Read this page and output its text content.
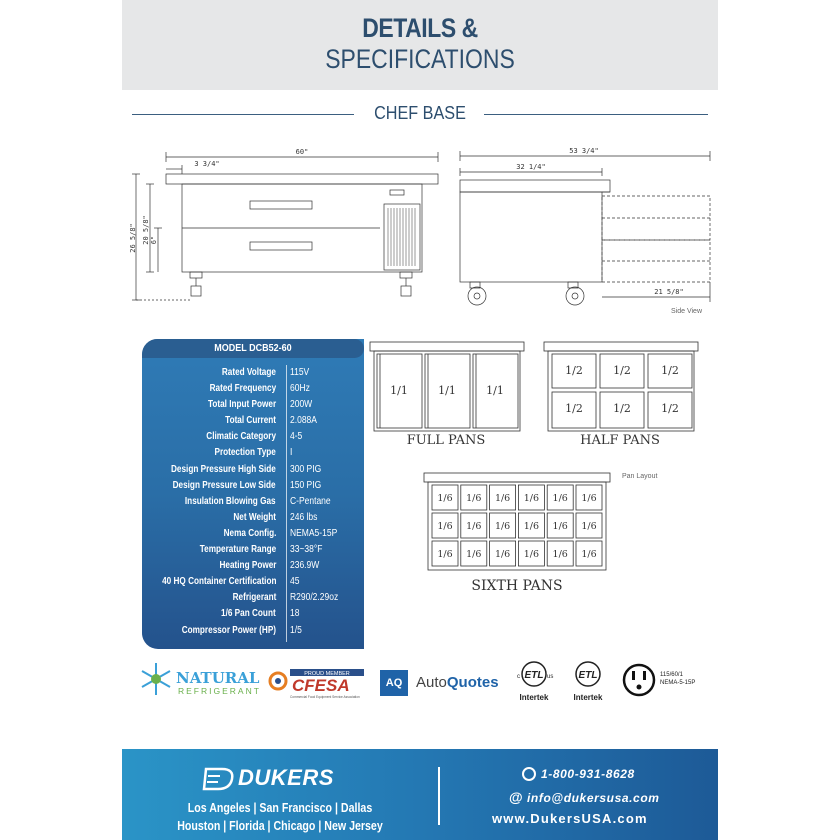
DETAILS &
SPECIFICATIONS
CHEF BASE
60"
3 3/4"
26 5/8" 20 5/8" 6"
53 3/4"
32 1/4"
21 5/8"
Side View
MODEL DCB52-60
Rated Voltage 115V
Rated Frequency 60Hz
Total Input Power 200W
Total Current 2.088A
Climatic Category 4-5
Protection Type I
Design Pressure High Side 300 PIG
Design Pressure Low Side 150 PIG
Insulation Blowing Gas C-Pentane
Net Weight 246 lbs
Nema Config. NEMA5-15P
Temperature Range 33~38°F
Heating Power 236.9W
40 HQ Container Certification 45
Refrigerant R290/2.29oz
1/6 Pan Count 18
Compressor Power (HP) 1/5
1/1	1/1	1/1
FULL PANS
1/2	1/2	1/2
1/2	1/2	1/2
HALF PANS
1/6 1/6 1/6 1/6 1/6 1/6
1/6 1/6 1/6 1/6 1/6 1/6
1/6 1/6 1/6 1/6 1/6 1/6
SIXTH PANS
Pan Layout
NATURAL
REFRIGERANT
PROUD MEMBER
CFESA
Commercial Food Equipment Service Association
AQ AutoQuotes	ETL
c	us
Intertek
ETL
Intertek
115/60/1
NEMA-5-15P
DUKERS
Los Angeles | San Francisco | Dallas
Houston | Florida | Chicago | New Jersey
1-800-931-8628
@ info@dukersusa.com
www.DukersUSA.com
